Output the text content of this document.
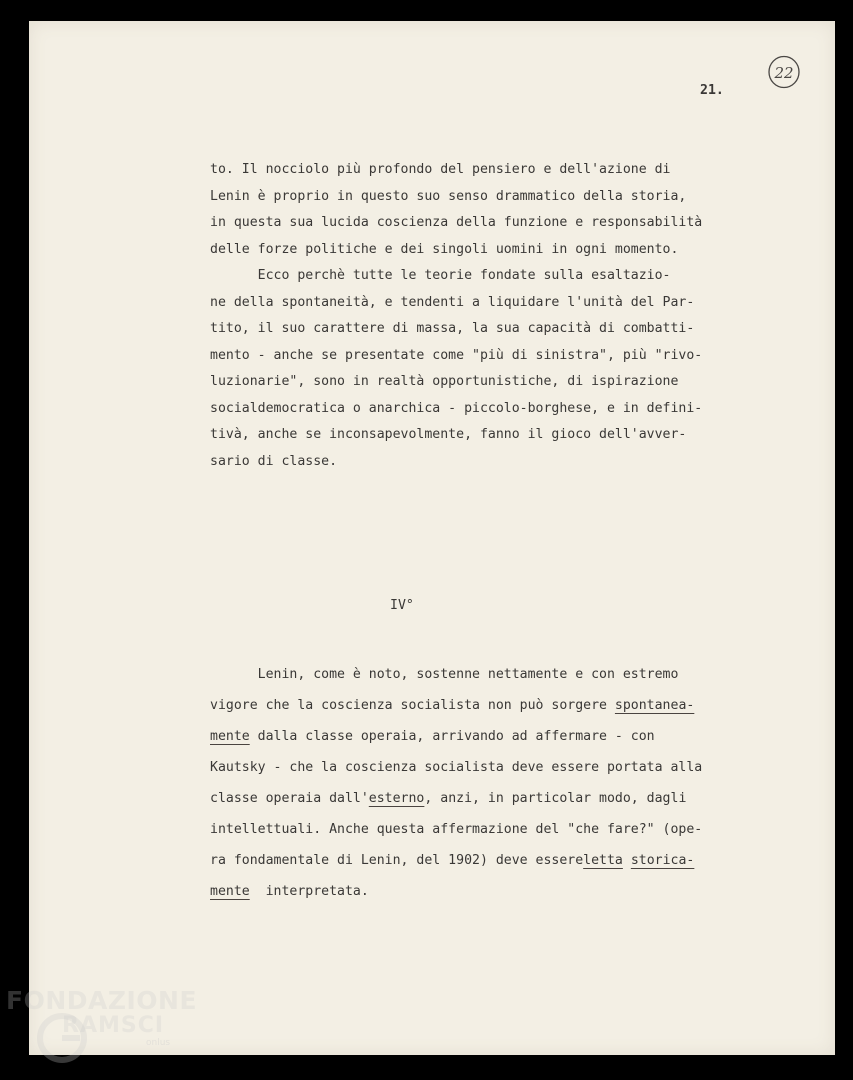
21.
22
to. Il nocciolo più profondo del pensiero e dell'azione di
Lenin è proprio in questo suo senso drammatico della storia,
in questa sua lucida coscienza della funzione e responsabilità
delle forze politiche e dei singoli uomini in ogni momento.
Ecco perchè tutte le teorie fondate sulla esaltazio-
ne della spontaneità, e tendenti a liquidare l'unità del Par-
tito, il suo carattere di massa, la sua capacità di combatti-
mento - anche se presentate come "più di sinistra", più "rivo-
luzionarie", sono in realtà opportunistiche, di ispirazione
socialdemocratica o anarchica - piccolo-borghese, e in defini-
tivà, anche se inconsapevolmente, fanno il gioco dell'avver-
sario di classe.
IV°
Lenin, come è noto, sostenne nettamente e con estremo
vigore che la coscienza socialista non può sorgere spontanea-
mente dalla classe operaia, arrivando ad affermare - con
Kautsky - che la coscienza socialista deve essere portata alla
classe operaia dall'esterno, anzi, in particolar modo, dagli
intellettuali. Anche questa affermazione del "che fare?" (ope-
ra fondamentale di Lenin, del 1902) deve essereletta storica-
mente  interpretata.
FONDAZIONE
RAMSCI
onlus
